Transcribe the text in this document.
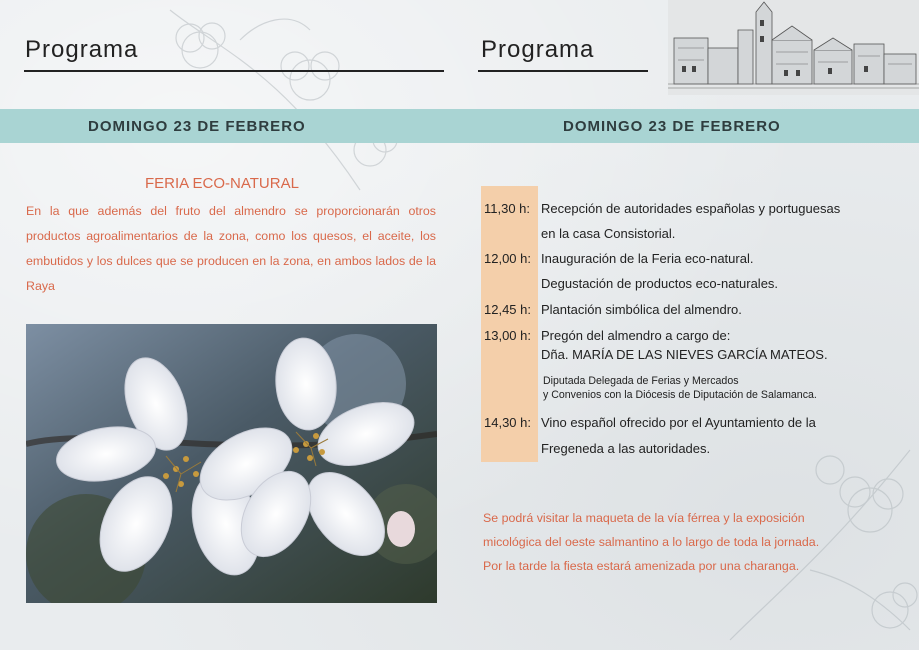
Programa	Programa
DOMINGO 23 DE FEBRERO	DOMINGO 23 DE FEBRERO
FERIA ECO-NATURAL
En la que además del fruto del almendro se proporcionarán otros productos agroalimentarios de la zona, como los quesos, el aceite, los embutidos y los dulces que se producen en la zona, en ambos lados de la Raya
11,30 h: Recepción de autoridades españolas y portuguesas
en la casa Consistorial.
12,00 h: Inauguración de la Feria eco-natural.
Degustación de productos eco-naturales.
12,45 h: Plantación simbólica del almendro.
13,00 h: Pregón del almendro a cargo de:
Dña. MARÍA DE LAS NIEVES GARCÍA MATEOS.
Diputada Delegada de Ferias y Mercados
y Convenios con la Diócesis de Diputación de Salamanca.
14,30 h: Vino español ofrecido por el Ayuntamiento de la
Fregeneda a las autoridades.
Se podrá visitar la maqueta de la vía férrea y la exposición
micológica del oeste salmantino a lo largo de toda la jornada.
Por la tarde la fiesta estará amenizada por una charanga.
